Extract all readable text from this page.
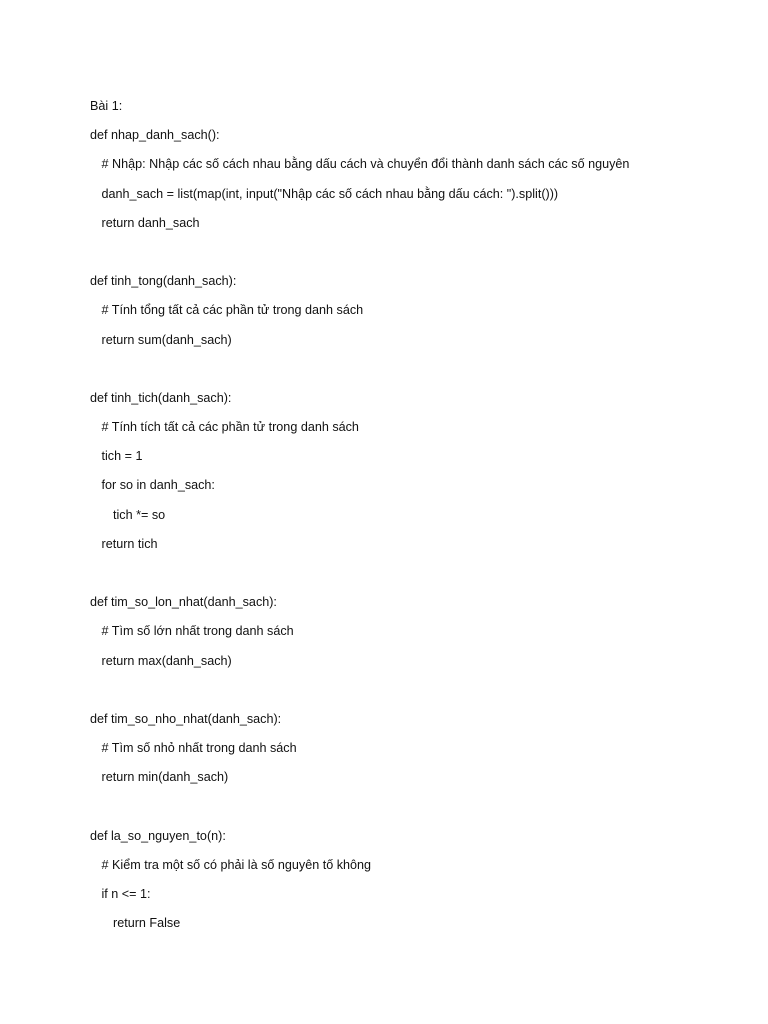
Bài 1:
def nhap_danh_sach():
# Nhập: Nhập các số cách nhau bằng dấu cách và chuyển đổi thành danh sách các số nguyên
danh_sach = list(map(int, input("Nhập các số cách nhau bằng dấu cách: ").split()))
return danh_sach
def tinh_tong(danh_sach):
# Tính tổng tất cả các phần tử trong danh sách
return sum(danh_sach)
def tinh_tich(danh_sach):
# Tính tích tất cả các phần tử trong danh sách
tich = 1
for so in danh_sach:
tich *= so
return tich
def tim_so_lon_nhat(danh_sach):
# Tìm số lớn nhất trong danh sách
return max(danh_sach)
def tim_so_nho_nhat(danh_sach):
# Tìm số nhỏ nhất trong danh sách
return min(danh_sach)
def la_so_nguyen_to(n):
# Kiểm tra một số có phải là số nguyên tố không
if n <= 1:
return False
